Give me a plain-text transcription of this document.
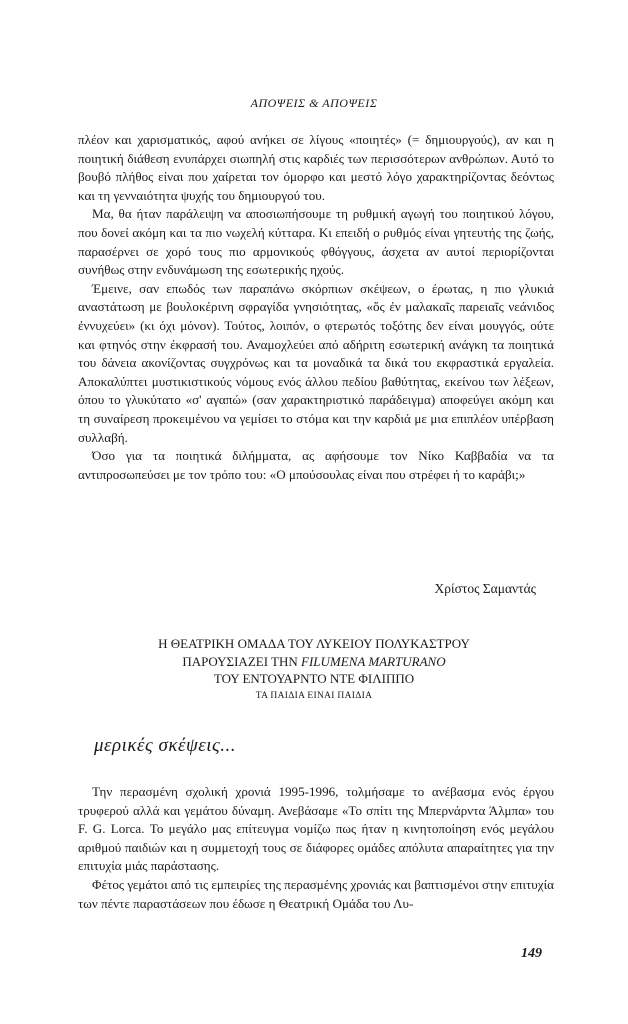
ΑΠΟΨΕΙΣ & ΑΠΟΨΕΙΣ

πλέον και χαρισματικός, αφού ανήκει σε λίγους «ποιητές» (= δημιουργούς), αν και η ποιητική διάθεση ενυπάρχει σιωπηλή στις καρδιές των περισσότερων ανθρώπων. Αυτό το βουβό πλήθος είναι που χαίρεται τον όμορφο και μεστό λόγο χαρακτηρίζοντας δεόντως και τη γενναιότητα ψυχής του δημιουργού του.

Μα, θα ήταν παράλειψη να αποσιωπήσουμε τη ρυθμική αγωγή του ποιητικού λόγου, που δονεί ακόμη και τα πιο νωχελή κύτταρα. Κι επειδή ο ρυθμός είναι γητευτής της ζωής, παρασέρνει σε χορό τους πιο αρμονικούς φθόγγους, άσχετα αν αυτοί περιορίζονται συνήθως στην ενδυνάμωση της εσωτερικής ηχούς.

Έμεινε, σαν επωδός των παραπάνω σκόρπιων σκέψεων, ο έρωτας, η πιο γλυκιά αναστάτωση με βουλοκέρινη σφραγίδα γνησιότητας, «ὅς ἐν μαλακαῖς παρειαῖς νεάνιδος ἐννυχεύει» (κι όχι μόνον). Τούτος, λοιπόν, ο φτερωτός τοξότης δεν είναι μουγγός, ούτε και φτηνός στην έκφρασή του. Αναμοχλεύει από αδήριτη εσωτερική ανάγκη τα ποιητικά του δάνεια ακονίζοντας συγχρόνως και τα μοναδικά τα δικά του εκφραστικά εργαλεία. Αποκαλύπτει μυστικιστικούς νόμους ενός άλλου πεδίου βαθύτητας, εκείνου των λέξεων, όπου το γλυκύτατο «σ' αγαπώ» (σαν χαρακτηριστικό παράδειγμα) αποφεύγει ακόμη και τη συναίρεση προκειμένου να γεμίσει το στόμα και την καρδιά με μια επιπλέον υπέρβαση συλλαβή.

Όσο για τα ποιητικά διλήμματα, ας αφήσουμε τον Νίκο Καββαδία να τα αντιπροσωπεύσει με τον τρόπο του: «Ο μπούσουλας είναι που στρέφει ή το καράβι;»

Χρίστος Σαμαντάς
Η ΘΕΑΤΡΙΚΗ ΟΜΑΔΑ ΤΟΥ ΛΥΚΕΙΟΥ ΠΟΛΥΚΑΣΤΡΟΥ
ΠΑΡΟΥΣΙΑΖΕΙ ΤΗΝ FILUMENA MARTURANO
ΤΟΥ ΕΝΤΟΥΑΡΝΤΟ ΝΤΕ ΦΙΛΙΠΠΟ
ΤΑ ΠΑΙΔΙΑ ΕΙΝΑΙ ΠΑΙΔΙΑ
μερικές σκέψεις...

Την περασμένη σχολική χρονιά 1995-1996, τολμήσαμε το ανέβασμα ενός έργου τρυφερού αλλά και γεμάτου δύναμη. Ανεβάσαμε «Το σπίτι της Μπερνάρντα Άλμπα» του F. G. Lorca. Το μεγάλο μας επίτευγμα νομίζω πως ήταν η κινητοποίηση ενός μεγάλου αριθμού παιδιών και η συμμετοχή τους σε διάφορες ομάδες απόλυτα απαραίτητες για την επιτυχία μιάς παράστασης.

Φέτος γεμάτοι από τις εμπειρίες της περασμένης χρονιάς και βαπτισμένοι στην επιτυχία των πέντε παραστάσεων που έδωσε η Θεατρική Ομάδα του Λυ-

149
